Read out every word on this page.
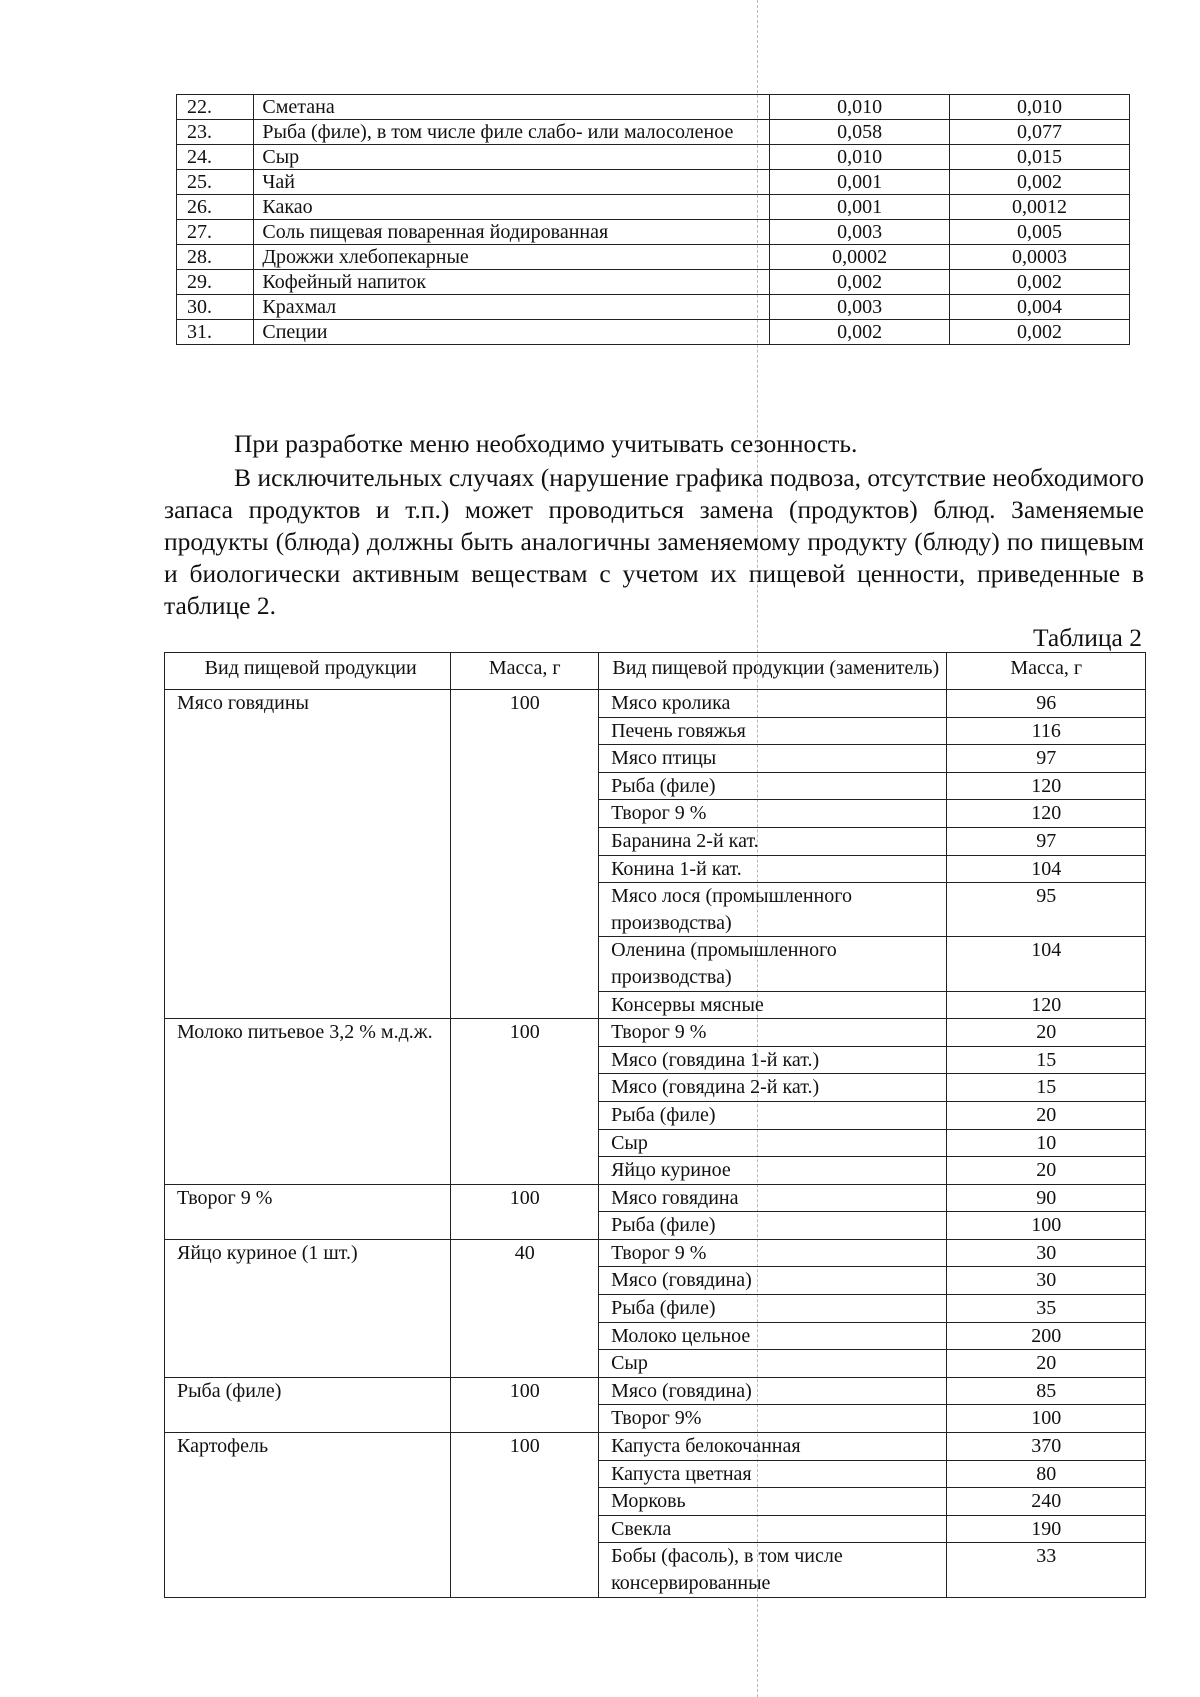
22.	Сметана	0,010	0,010
23.	Рыба (филе), в том числе филе слабо- или малосоленое	0,058	0,077
24.	Сыр	0,010	0,015
25.	Чай	0,001	0,002
26.	Какао	0,001	0,0012
27.	Соль пищевая поваренная йодированная	0,003	0,005
28.	Дрожжи хлебопекарные	0,0002	0,0003
29.	Кофейный напиток	0,002	0,002
30.	Крахмал	0,003	0,004
31.	Специи	0,002	0,002
При разработке меню необходимо учитывать сезонность.
В исключительных случаях (нарушение графика подвоза, отсутствие необходимого запаса продуктов и т.п.) может проводиться замена (продуктов) блюд. Заменяемые продукты (блюда) должны быть аналогичны заменяемому продукту (блюду) по пищевым и биологически активным веществам с учетом их пищевой ценности, приведенные в таблице 2.
Таблица 2
Вид пищевой продукции	Масса, г	Вид пищевой продукции (заменитель)	Масса, г
Мясо говядины	100	Мясо кролика	96
		Печень говяжья	116
		Мясо птицы	97
		Рыба (филе)	120
		Творог 9 %	120
		Баранина 2-й кат.	97
		Конина 1-й кат.	104
		Мясо лося (промышленного производства)	95
		Оленина (промышленного производства)	104
		Консервы мясные	120
Молоко питьевое 3,2 % м.д.ж.	100	Творог 9 %	20
		Мясо (говядина 1-й кат.)	15
		Мясо (говядина 2-й кат.)	15
		Рыба (филе)	20
		Сыр	10
		Яйцо куриное	20
Творог 9 %	100	Мясо говядина	90
		Рыба (филе)	100
Яйцо куриное (1 шт.)	40	Творог 9 %	30
		Мясо (говядина)	30
		Рыба (филе)	35
		Молоко цельное	200
		Сыр	20
Рыба (филе)	100	Мясо (говядина)	85
		Творог 9%	100
Картофель	100	Капуста белокочанная	370
		Капуста цветная	80
		Морковь	240
		Свекла	190
		Бобы (фасоль), в том числе консервированные	33
